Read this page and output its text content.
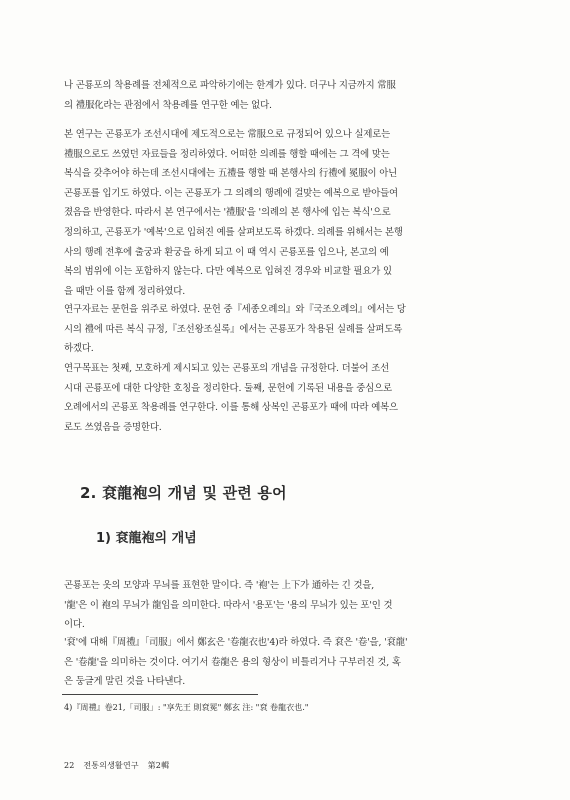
나 곤룡포의 착용례를 전체적으로 파악하기에는 한계가 있다. 더구나 지금까지 常服
의 禮服化라는 관점에서 착용례를 연구한 예는 없다.
본 연구는 곤룡포가 조선시대에 제도적으로는 常服으로 규정되어 있으나 실제로는
禮服으로도 쓰였던 자료들을 정리하였다. 어떠한 의례를 행할 때에는 그 격에 맞는
복식을 갖추어야 하는데 조선시대에는 五禮를 행할 때 본행사의 行禮에 冕服이 아닌
곤룡포를 입기도 하였다. 이는 곤룡포가 그 의례의 행례에 걸맞는 예복으로 받아들여
졌음을 반영한다. 따라서 본 연구에서는 '禮服'을 '의례의 본 행사에 입는 복식'으로
정의하고, 곤룡포가 '예복'으로 입혀진 예를 살펴보도록 하겠다. 의례를 위해서는 본행
사의 행례 전후에 출궁과 환궁을 하게 되고 이 때 역시 곤룡포를 입으나, 본고의 예
복의 범위에 이는 포함하지 않는다. 다만 예복으로 입혀진 경우와 비교할 필요가 있
을 때만 이를 함께 정리하였다.
연구자료는 문헌을 위주로 하였다. 문헌 중『세종오례의』와『국조오례의』에서는 당
시의 禮에 따른 복식 규정,『조선왕조실록』에서는 곤룡포가 착용된 실례를 살펴도록
하겠다.
연구목표는 첫째, 모호하게 제시되고 있는 곤룡포의 개념을 규정한다. 더불어 조선
시대 곤룡포에 대한 다양한 호칭을 정리한다. 둘째, 문헌에 기록된 내용을 중심으로
오례에서의 곤룡포 착용례를 연구한다. 이를 통해 상복인 곤룡포가 때에 따라 예복으
로도 쓰였음을 증명한다.
2. 袞龍袍의 개념 및 관련 용어
1) 袞龍袍의 개념
곤룡포는 옷의 모양과 무늬를 표현한 말이다. 즉 '袍'는 上下가 通하는 긴 것을,
'龍'은 이 袍의 무늬가 龍임을 의미한다. 따라서 '용포'는 '용의 무늬가 있는 포'인 것
이다.
'袞'에 대해『周禮』「司服」에서 鄭玄은 '卷龍衣也'4)라 하였다. 즉 袞은 '卷'을, '袞龍'
은 '卷龍'을 의미하는 것이다. 여기서 卷龍은 용의 형상이 비틀리거나 구부러진 것, 혹
은 둥글게 말린 것을 나타낸다.
4)『周禮』卷21,「司服」: "享先王 則袞冕" 鄭玄 注: "袞 卷龍衣也."
22 전통의생활연구 第2輯
